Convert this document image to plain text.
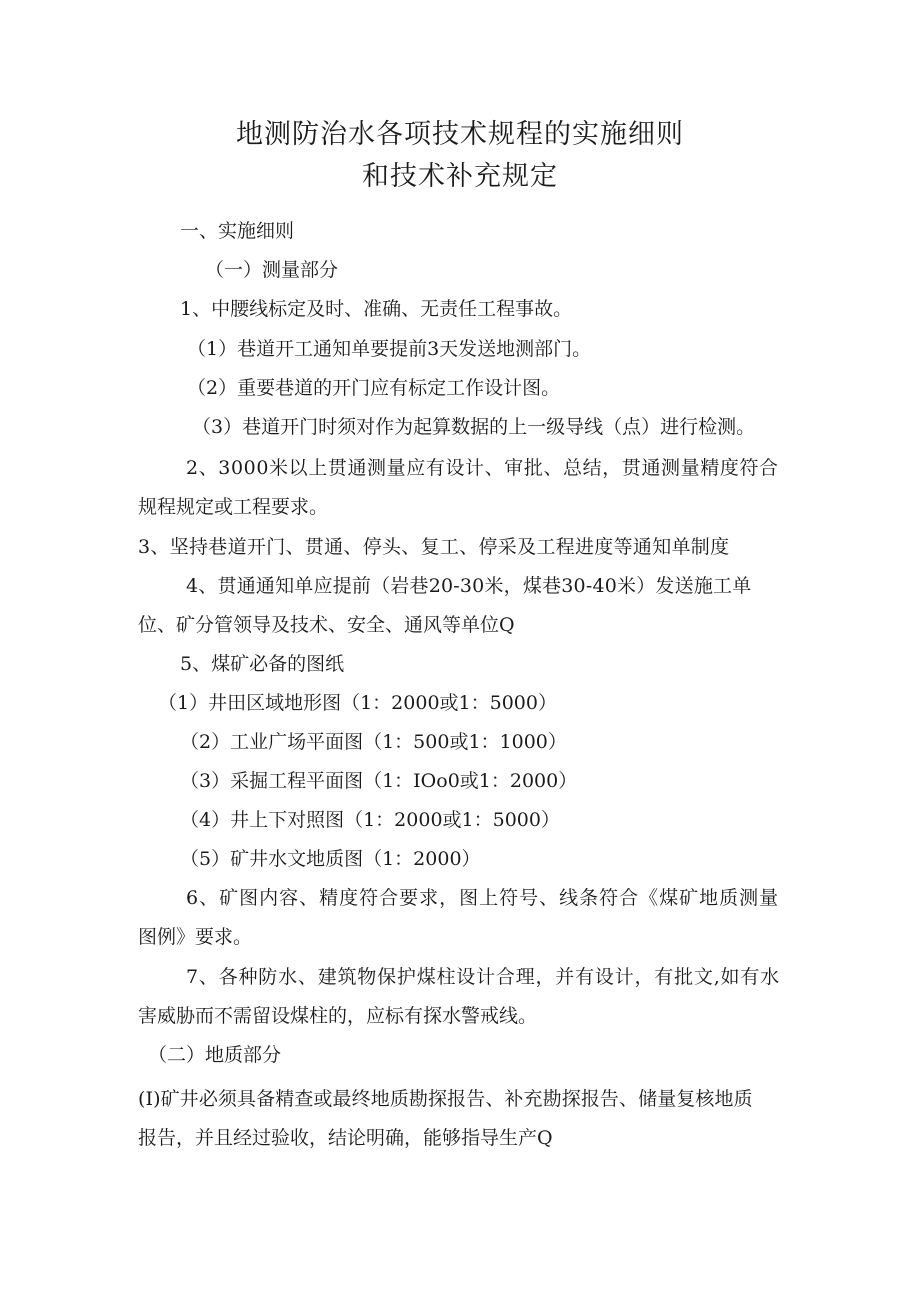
地测防治水各项技术规程的实施细则
和技术补充规定
一、实施细则
（一）测量部分
1、中腰线标定及时、准确、无责任工程事故。
（1）巷道开工通知单要提前3天发送地测部门。
（2）重要巷道的开门应有标定工作设计图。
（3）巷道开门时须对作为起算数据的上一级导线（点）进行检测。
2、3000米以上贯通测量应有设计、审批、总结，贯通测量精度符合
规程规定或工程要求。
3、坚持巷道开门、贯通、停头、复工、停采及工程进度等通知单制度
4、贯通通知单应提前（岩巷20-30米，煤巷30-40米）发送施工单
位、矿分管领导及技术、安全、通风等单位Q
5、煤矿必备的图纸
（1）井田区域地形图（1：2000或1：5000）
（2）工业广场平面图（1：500或1：1000）
（3）采掘工程平面图（1：IOo0或1：2000）
（4）井上下对照图（1：2000或1：5000）
（5）矿井水文地质图（1：2000）
6、矿图内容、精度符合要求，图上符号、线条符合《煤矿地质测量
图例》要求。
7、各种防水、建筑物保护煤柱设计合理，并有设计，有批文,如有水
害威胁而不需留设煤柱的，应标有探水警戒线。
（二）地质部分
(I)矿井必须具备精查或最终地质勘探报告、补充勘探报告、储量复核地质
报告，并且经过验收，结论明确，能够指导生产Q
